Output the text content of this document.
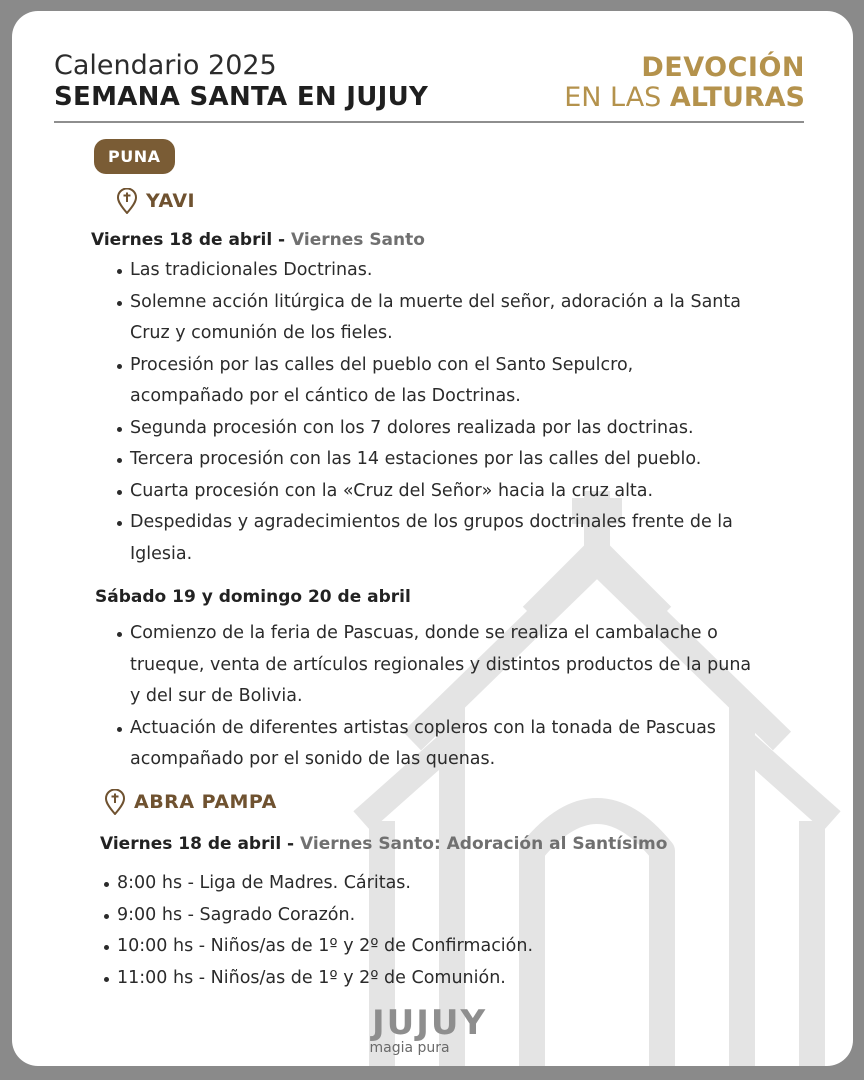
Calendario 2025
SEMANA SANTA EN JUJUY
DEVOCIÓN
EN LAS ALTURAS
PUNA
YAVI
Viernes 18 de abril - Viernes Santo
Las tradicionales Doctrinas.
Solemne acción litúrgica de la muerte del señor, adoración a la Santa
Cruz y comunión de los fieles.
Procesión por las calles del pueblo con el Santo Sepulcro,
acompañado por el cántico de las Doctrinas.
Segunda procesión con los 7 dolores realizada por las doctrinas.
Tercera procesión con las 14 estaciones por las calles del pueblo.
Cuarta procesión con la «Cruz del Señor» hacia la cruz alta.
Despedidas y agradecimientos de los grupos doctrinales frente de la
Iglesia.
Sábado 19 y domingo 20 de abril
Comienzo de la feria de Pascuas, donde se realiza el cambalache o
trueque, venta de artículos regionales y distintos productos de la puna
y del sur de Bolivia.
Actuación de diferentes artistas copleros con la tonada de Pascuas
acompañado por el sonido de las quenas.
ABRA PAMPA
Viernes 18 de abril - Viernes Santo: Adoración al Santísimo
8:00 hs - Liga de Madres. Cáritas.
9:00 hs - Sagrado Corazón.
10:00 hs - Niños/as de 1º y 2º de Confirmación.
11:00 hs - Niños/as de 1º y 2º de Comunión.
JUJUY
magia pura
